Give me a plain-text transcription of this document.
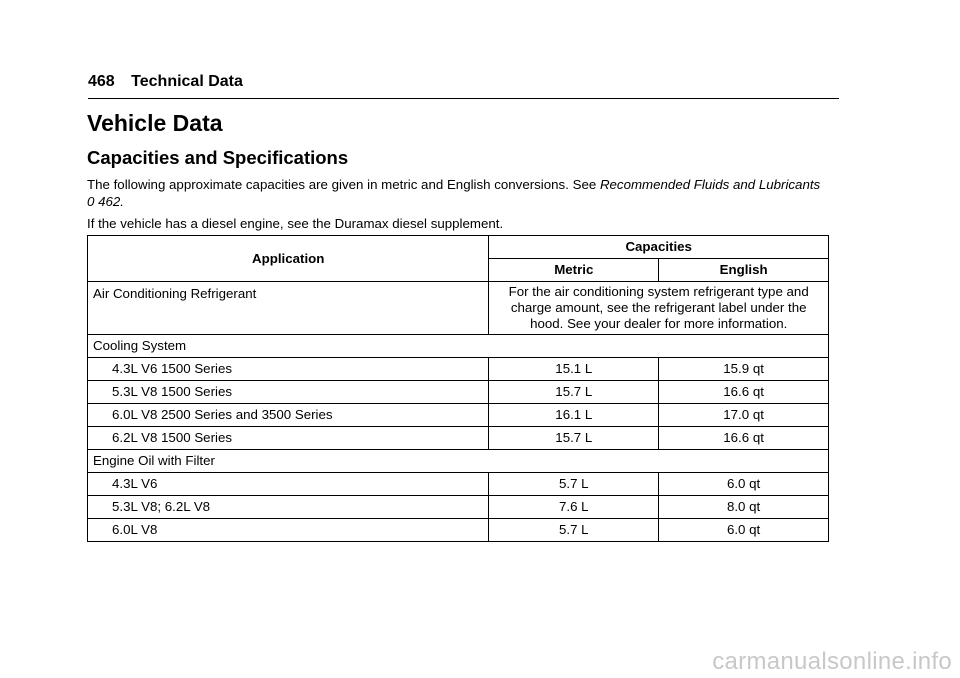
468 Technical Data
Vehicle Data
Capacities and Specifications

The following approximate capacities are given in metric and English conversions. See Recommended Fluids and Lubricants 0 462.

If the vehicle has a diesel engine, see the Duramax diesel supplement.

Application	Capacities	
	Metric	English
Air Conditioning Refrigerant	For the air conditioning system refrigerant type and charge amount, see the refrigerant label under the hood. See your dealer for more information.	
Cooling System		
4.3L V6 1500 Series	15.1 L	15.9 qt
5.3L V8 1500 Series	15.7 L	16.6 qt
6.0L V8 2500 Series and 3500 Series	16.1 L	17.0 qt
6.2L V8 1500 Series	15.7 L	16.6 qt
Engine Oil with Filter		
4.3L V6	5.7 L	6.0 qt
5.3L V8; 6.2L V8	7.6 L	8.0 qt
6.0L V8	5.7 L	6.0 qt
carmanualsonline.info
